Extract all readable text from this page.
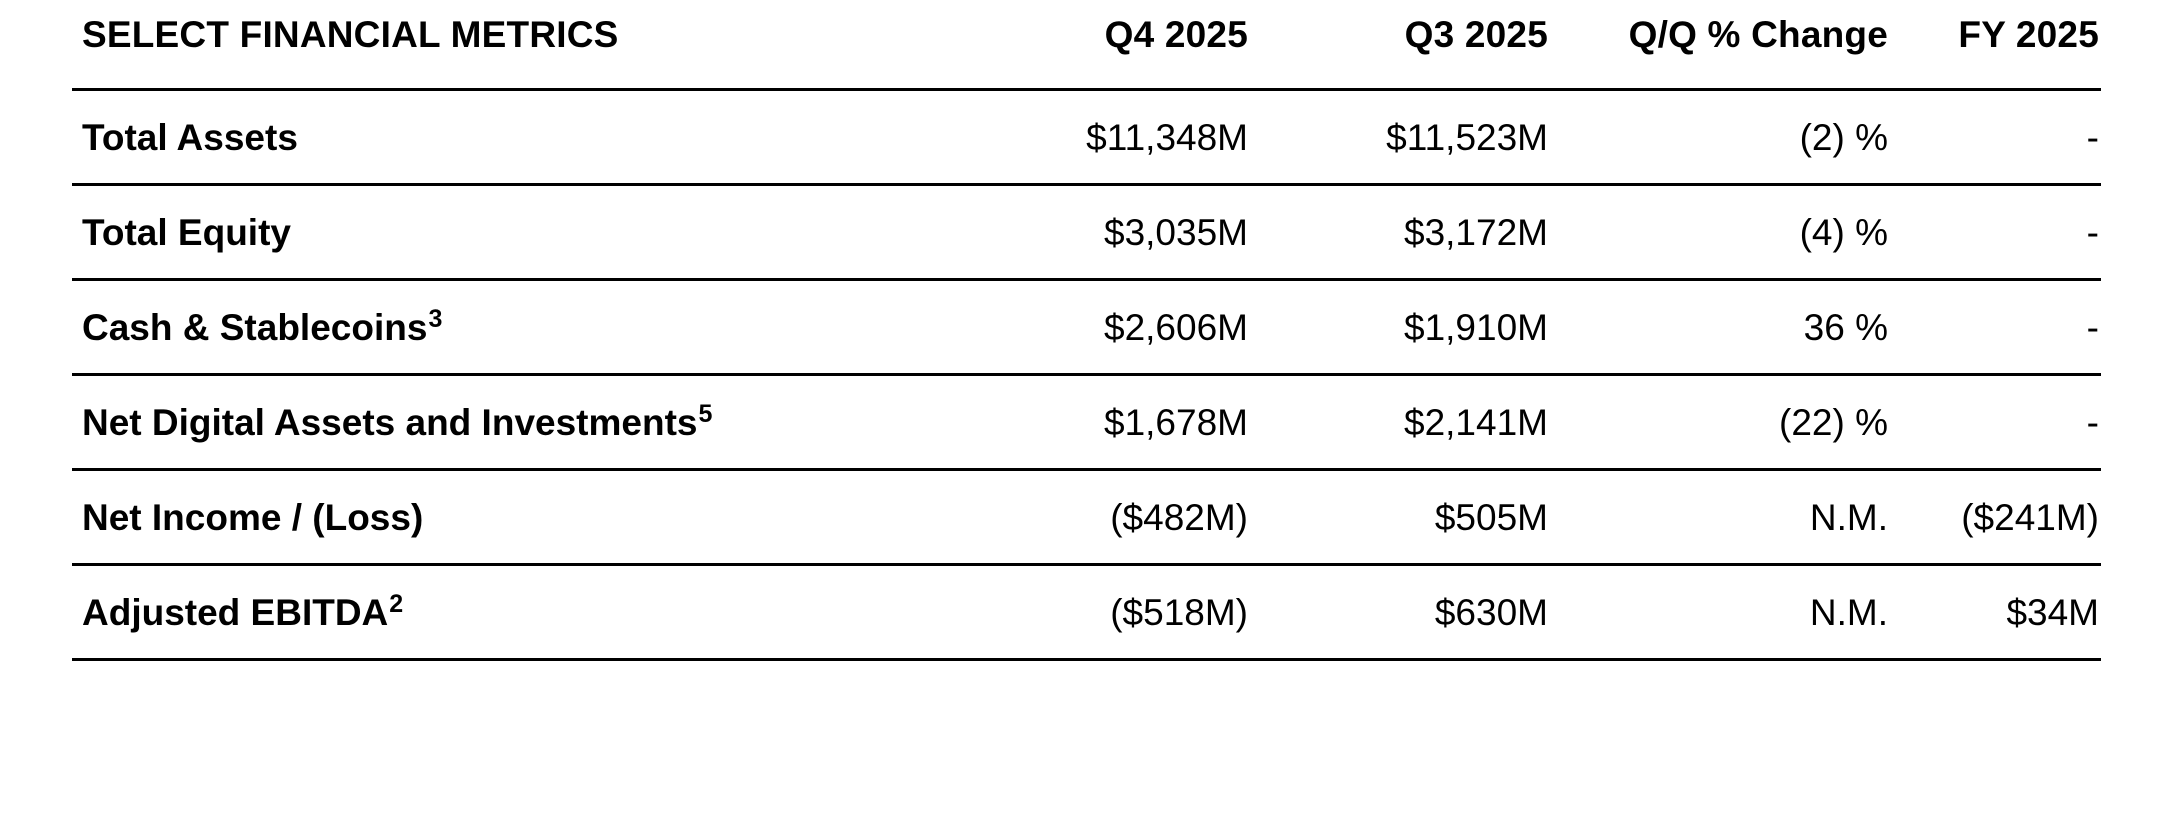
SELECT FINANCIAL METRICS	Q4 2025	Q3 2025	Q/Q % Change	FY 2025
Total Assets	$11,348M	$11,523M	(2) %	-
Total Equity	$3,035M	$3,172M	(4) %	-
Cash & Stablecoins$^3$	$2,606M	$1,910M	36 %	-
Net Digital Assets and Investments$^5$	$1,678M	$2,141M	(22) %	-
Net Income / (Loss)	($482M)	$505M	N.M.	($241M)
Adjusted EBITDA$^2$	($518M)	$630M	N.M.	$34M
